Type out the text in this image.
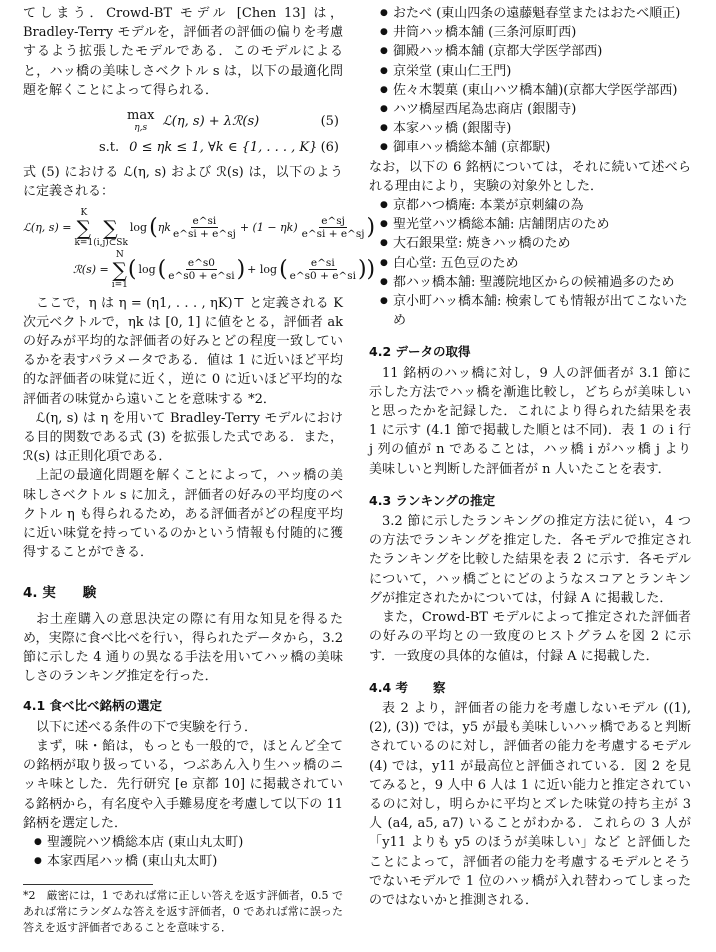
てしまう．Crowd-BT モデル [Chen 13] は，Bradley-Terry モデルを，評価者の評価の偏りを考慮するよう拡張したモデルである．このモデルによると，ハッ橋の美味しさベクトル s は，以下の最適化問題を解くことによって得られる．

max
η,s ℒ(η, s) + λℛ(s)	(5)
s.t. 0 ≤ ηk ≤ 1, ∀k ∈ {1, . . . , K} (6)

式 (5) における ℒ(η, s) および ℛ(s) は，以下のように定義される：

ℒ(η, s) =
K
∑
k=1

∑
(i,j)⊂Sk
log ( ηk $\frac{e\^{}si}{e\^{}si + e\^{}sj} + (1 - \eta k) \frac{e\^{}sj}{e\^{}si + e\^{}sj}$ )
ℛ(s) =
N
∑
i=1
( log ( $\frac{e\^{}s0}{e\^{}s0 + e\^{}si}$ ) + log ( $\frac{e\^{}si}{e\^{}s0 + e\^{}si}$ ))

ここで，η は η = (η1, . . . , ηK)⊤ と定義される K 次元ベクトルで，ηk は [0, 1] に値をとる，評価者 ak の好みが平均的な評価者の好みとどの程度一致しているかを表すパラメータである．値は 1 に近いほど平均的な評価者の味覚に近く，逆に 0 に近いほど平均的な評価者の味覚から遠いことを意味する *2．

ℒ(η, s) は η を用いて Bradley-Terry モデルにおける目的関数である式 (3) を拡張した式である．また，ℛ(s) は正則化項である．

上記の最適化問題を解くことによって，ハッ橋の美味しさベクトル s に加え，評価者の好みの平均度のベクトル η も得られるため，ある評価者がどの程度平均に近い味覚を持っているのかという情報も付随的に獲得することができる．

4. 実　　験

お土産購入の意思決定の際に有用な知見を得るため，実際に食べ比べを行い，得られたデータから，3.2 節に示した 4 通りの異なる手法を用いてハッ橋の美味しさのランキング推定を行った．

4.1 食べ比べ銘柄の選定

以下に述べる条件の下で実験を行う．

まず，味・餡は，もっとも一般的で，ほとんど全ての銘柄が取り扱っている，つぶあん入り生ハッ橋のニッキ味とした．先行研究 [e 京都 10] に掲載されている銘柄から，有名度や入手難易度を考慮して以下の 11 銘柄を選定した．

● 聖護院ハツ橋総本店 (東山丸太町)
● 本家西尾ハッ橋 (東山丸太町)

*2　厳密には，1 であれば常に正しい答えを返す評価者，0.5 であれば常にランダムな答えを返す評価者，0 であれば常に誤った答えを返す評価者であることを意味する．

● おたべ (東山四条の遠藤魁春堂またはおたべ順正)
● 井筒ハッ橋本舗 (三条河原町西)
● 御殿ハッ橋本舗 (京都大学医学部西)
● 京栄堂 (東山仁王門)
● 佐々木製菓 (東山ハツ橋本舗)(京都大学医学部西)
● ハツ橋屋西尾為忠商店 (銀閣寺)
● 本家ハッ橋 (銀閣寺)
● 御車ハッ橋総本舗 (京都駅)

なお，以下の 6 銘柄については，それに続いて述べられる理由により，実験の対象外とした．

● 京都ハつ橋庵: 本業が京刺繍の為
● 聖光堂ハツ橋総本舗: 店舗閉店のため
● 大石銀果堂: 焼きハッ橋のため
● 白心堂: 五色豆のため
● 都ハッ橋本舗: 聖護院地区からの候補過多のため
● 京小町ハッ橋本舗: 検索しても情報が出てこないため
4.2 データの取得

11 銘柄のハッ橋に対し，9 人の評価者が 3.1 節に示した方法でハッ橋を漸進比較し，どちらが美味しいと思ったかを記録した．これにより得られた結果を表 1 に示す (4.1 節で掲載した順とは不同)．表 1 の i 行 j 列の値が n であることは，ハッ橋 i がハッ橋 j より美味しいと判断した評価者が n 人いたことを表す．

4.3 ランキングの推定

3.2 節に示したランキングの推定方法に従い，4 つの方法でランキングを推定した．各モデルで推定されたランキングを比較した結果を表 2 に示す．各モデルについて，ハッ橋ごとにどのようなスコアとランキングが推定されたかについては，付録 A に掲載した．

また，Crowd-BT モデルによって推定された評価者の好みの平均との一致度のヒストグラムを図 2 に示す．一致度の具体的な値は，付録 A に掲載した．

4.4 考　　察

表 2 より，評価者の能力を考慮しないモデル ((1), (2), (3)) では，y5 が最も美味しいハッ橋であると判断されているのに対し，評価者の能力を考慮するモデル (4) では，y11 が最高位と評価されている．図 2 を見てみると，9 人中 6 人は 1 に近い能力と推定されているのに対し，明らかに平均とズレた味覚の持ち主が 3 人 (a4, a5, a7) いることがわかる．これらの 3 人が「y11 よりも y5 のほうが美味しい」など と評価したことによって，評価者の能力を考慮するモデルとそうでないモデルで 1 位のハッ橋が入れ替わってしまったのではないかと推測される．
